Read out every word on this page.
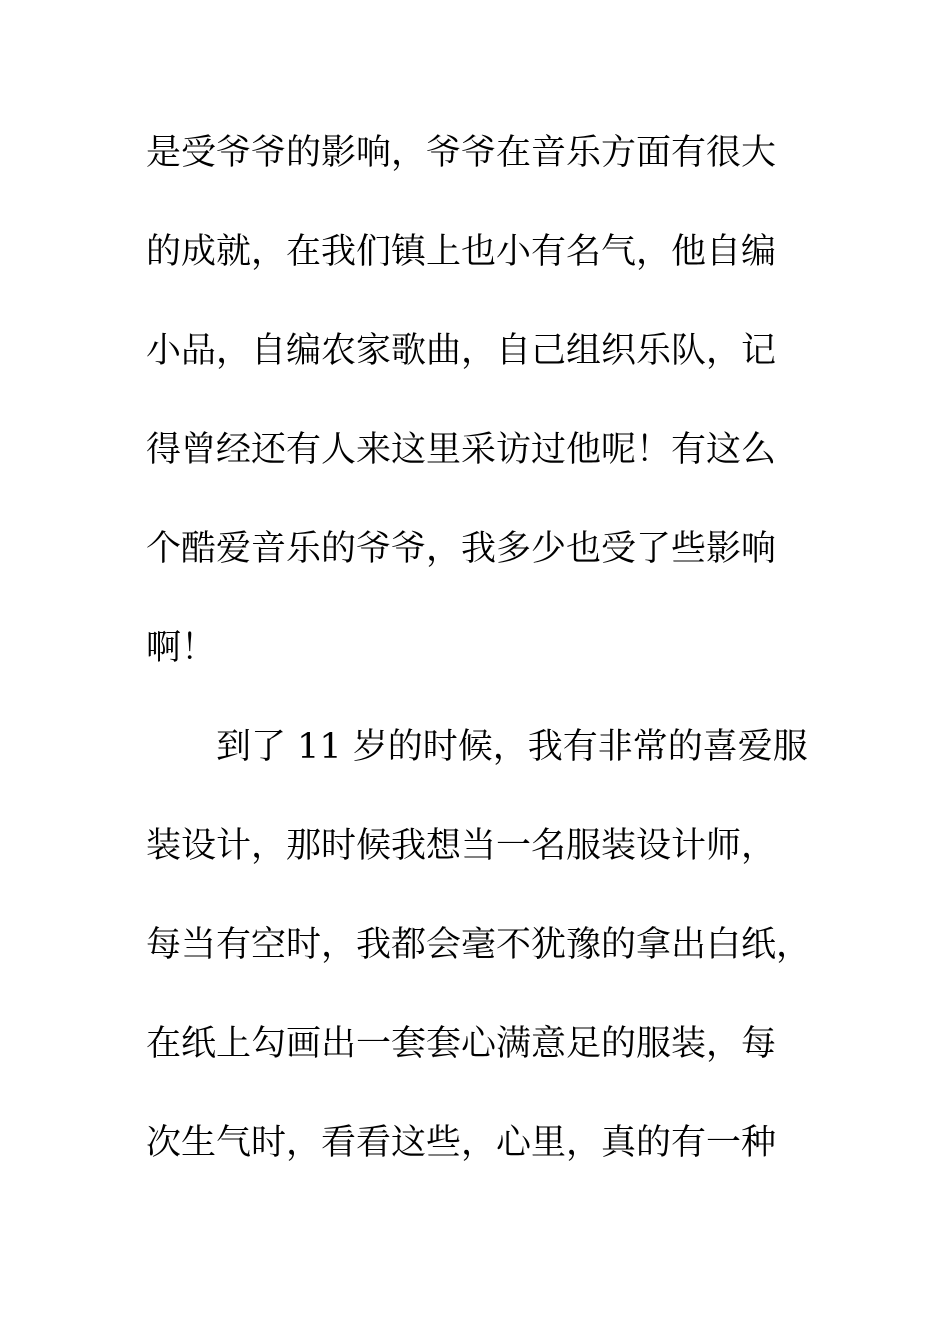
是受爷爷的影响，爷爷在音乐方面有很大
的成就，在我们镇上也小有名气，他自编
小品，自编农家歌曲，自己组织乐队，记
得曾经还有人来这里采访过他呢！有这么
个酷爱音乐的爷爷，我多少也受了些影响
啊！
到了 11 岁的时候，我有非常的喜爱服
装设计，那时候我想当一名服装设计师，
每当有空时，我都会毫不犹豫的拿出白纸，
在纸上勾画出一套套心满意足的服装，每
次生气时，看看这些，心里，真的有一种
